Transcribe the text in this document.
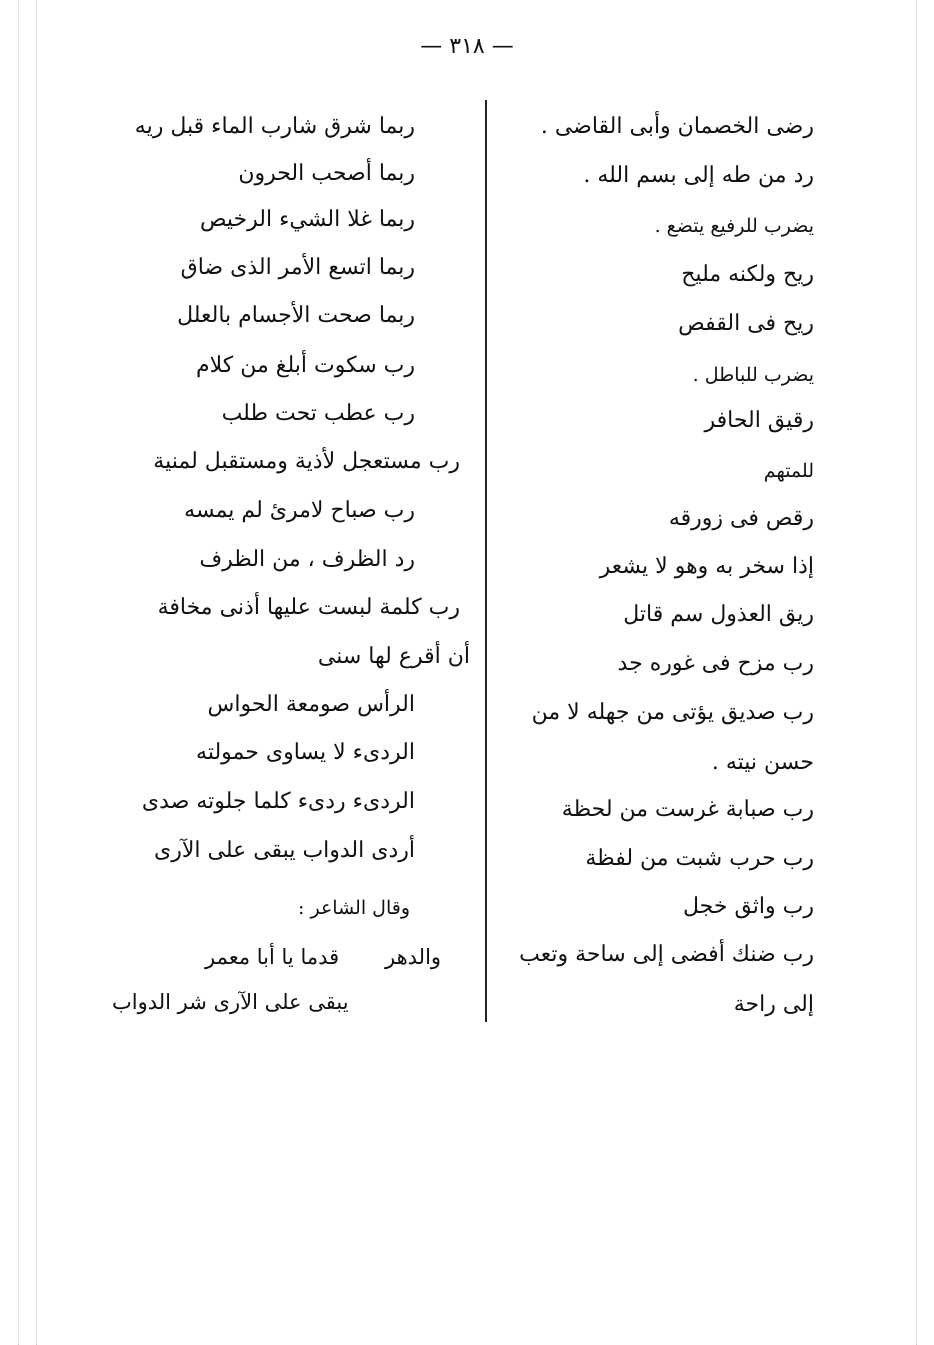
— ٣١٨ —
رضى الخصمان وأبى القاضى .
رد من طه إلى بسم الله .
يضرب للرفيع يتضع .
ريح ولكنه مليح
ريح فى القفص
يضرب للباطل .
رقيق الحافر
للمتهم
رقص فى زورقه
إذا سخر به وهو لا يشعر
ريق العذول سم قاتل
رب مزح فى غوره جد
رب صديق يؤتى من جهله لا من
حسن نيته .
رب صبابة غرست من لحظة
رب حرب شبت من لفظة
رب واثق خجل
رب ضنك أفضى إلى ساحة وتعب
إلى راحة
ربما شرق شارب الماء قبل ريه
ربما أصحب الحرون
ربما غلا الشيء الرخيص
ربما اتسع الأمر الذى ضاق
ربما صحت الأجسام بالعلل
رب سكوت أبلغ من كلام
رب عطب تحت طلب
رب مستعجل لأذية ومستقبل لمنية
رب صباح لامرئ لم يمسه
رد الظرف ، من الظرف
رب كلمة لبست عليها أذنى مخافة
أن أقرع لها سنى
الرأس صومعة الحواس
الردىء لا يساوى حمولته
الردىء ردىء كلما جلوته صدى
أردى الدواب يبقى على الآرى
وقال الشاعر :
والدهر
قدما يا أبا معمر
يبقى على الآرى شر الدواب
